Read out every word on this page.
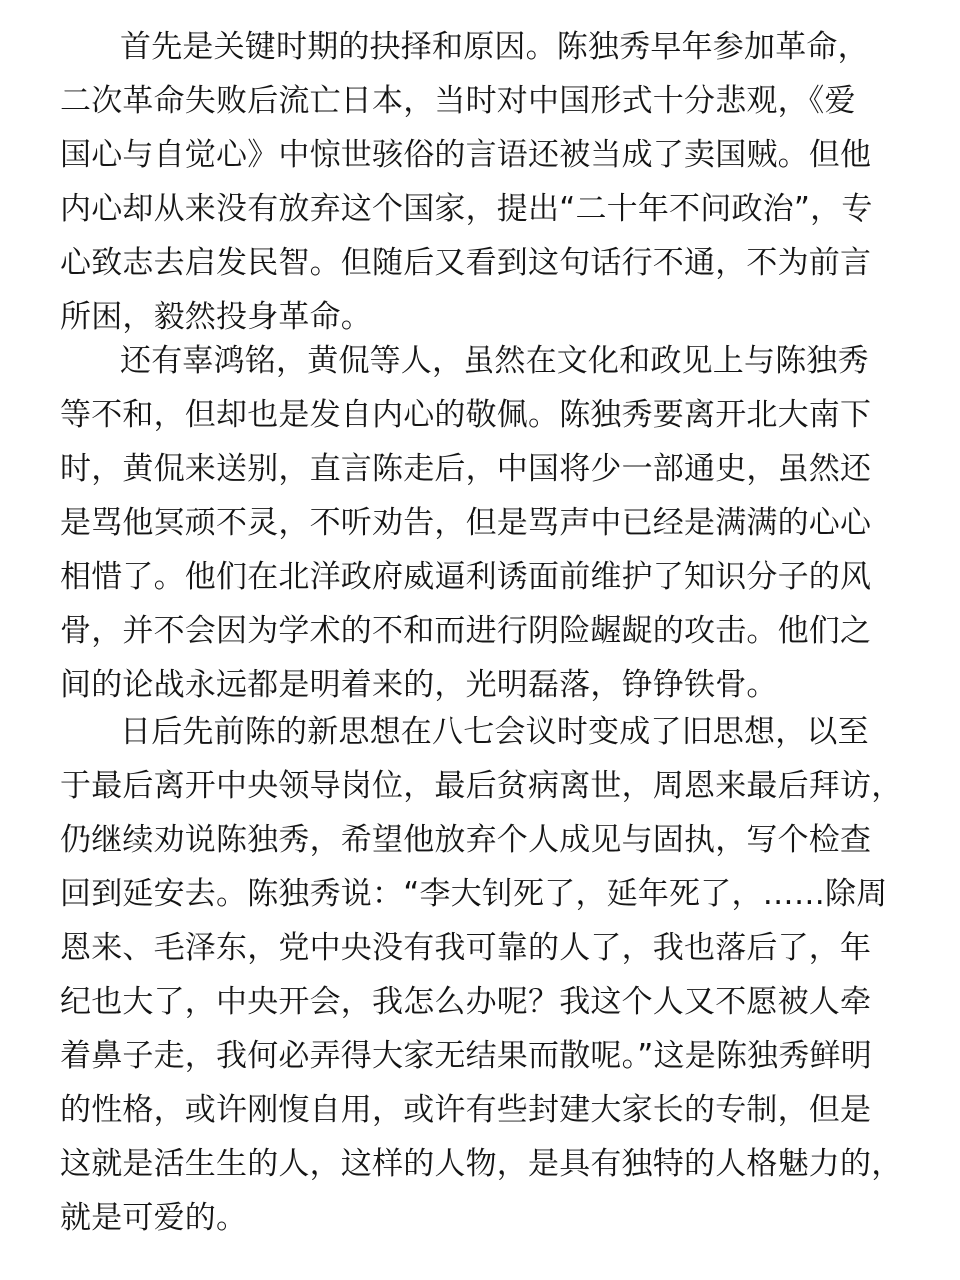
首先是关键时期的抉择和原因。陈独秀早年参加革命，
二次革命失败后流亡日本，当时对中国形式十分悲观，《爱
国心与自觉心》中惊世骇俗的言语还被当成了卖国贼。但他
内心却从来没有放弃这个国家，提出“二十年不问政治”，专
心致志去启发民智。但随后又看到这句话行不通，不为前言
所困，毅然投身革命。
还有辜鸿铭，黄侃等人，虽然在文化和政见上与陈独秀
等不和，但却也是发自内心的敬佩。陈独秀要离开北大南下
时，黄侃来送别，直言陈走后，中国将少一部通史，虽然还
是骂他冥顽不灵，不听劝告，但是骂声中已经是满满的心心
相惜了。他们在北洋政府威逼利诱面前维护了知识分子的风
骨，并不会因为学术的不和而进行阴险龌龊的攻击。他们之
间的论战永远都是明着来的，光明磊落，铮铮铁骨。
日后先前陈的新思想在八七会议时变成了旧思想，以至
于最后离开中央领导岗位，最后贫病离世，周恩来最后拜访，
仍继续劝说陈独秀，希望他放弃个人成见与固执，写个检查
回到延安去。陈独秀说：“李大钊死了，延年死了，……除周
恩来、毛泽东，党中央没有我可靠的人了，我也落后了，年
纪也大了，中央开会，我怎么办呢？我这个人又不愿被人牵
着鼻子走，我何必弄得大家无结果而散呢。”这是陈独秀鲜明
的性格，或许刚愎自用，或许有些封建大家长的专制，但是
这就是活生生的人，这样的人物，是具有独特的人格魅力的，
就是可爱的。
